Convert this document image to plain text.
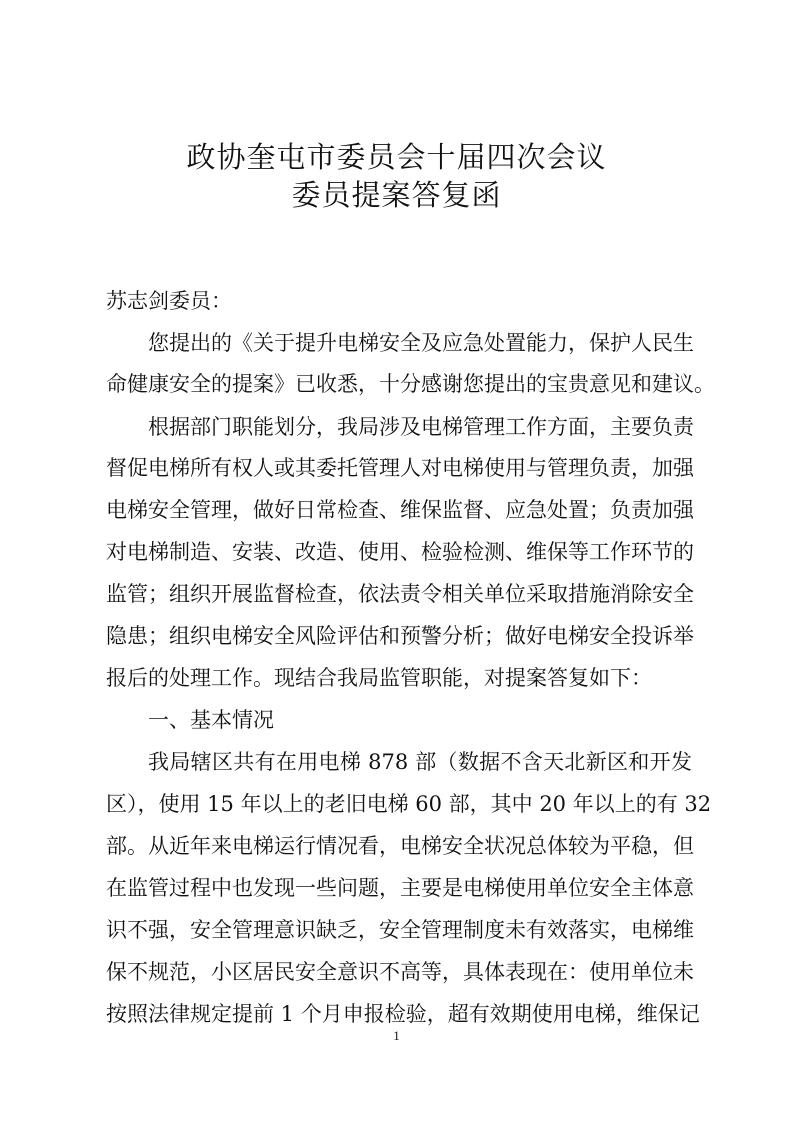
政协奎屯市委员会十届四次会议
委员提案答复函
苏志剑委员：
您提出的《关于提升电梯安全及应急处置能力，保护人民生
命健康安全的提案》已收悉，十分感谢您提出的宝贵意见和建议。
根据部门职能划分，我局涉及电梯管理工作方面，主要负责
督促电梯所有权人或其委托管理人对电梯使用与管理负责，加强
电梯安全管理，做好日常检查、维保监督、应急处置；负责加强
对电梯制造、安装、改造、使用、检验检测、维保等工作环节的
监管；组织开展监督检查，依法责令相关单位采取措施消除安全
隐患；组织电梯安全风险评估和预警分析；做好电梯安全投诉举
报后的处理工作。现结合我局监管职能，对提案答复如下：
一、基本情况
我局辖区共有在用电梯 878 部（数据不含天北新区和开发
区），使用 15 年以上的老旧电梯 60 部，其中 20 年以上的有 32
部。从近年来电梯运行情况看，电梯安全状况总体较为平稳，但
在监管过程中也发现一些问题，主要是电梯使用单位安全主体意
识不强，安全管理意识缺乏，安全管理制度未有效落实，电梯维
保不规范，小区居民安全意识不高等，具体表现在：使用单位未
按照法律规定提前 1 个月申报检验，超有效期使用电梯，维保记
1
